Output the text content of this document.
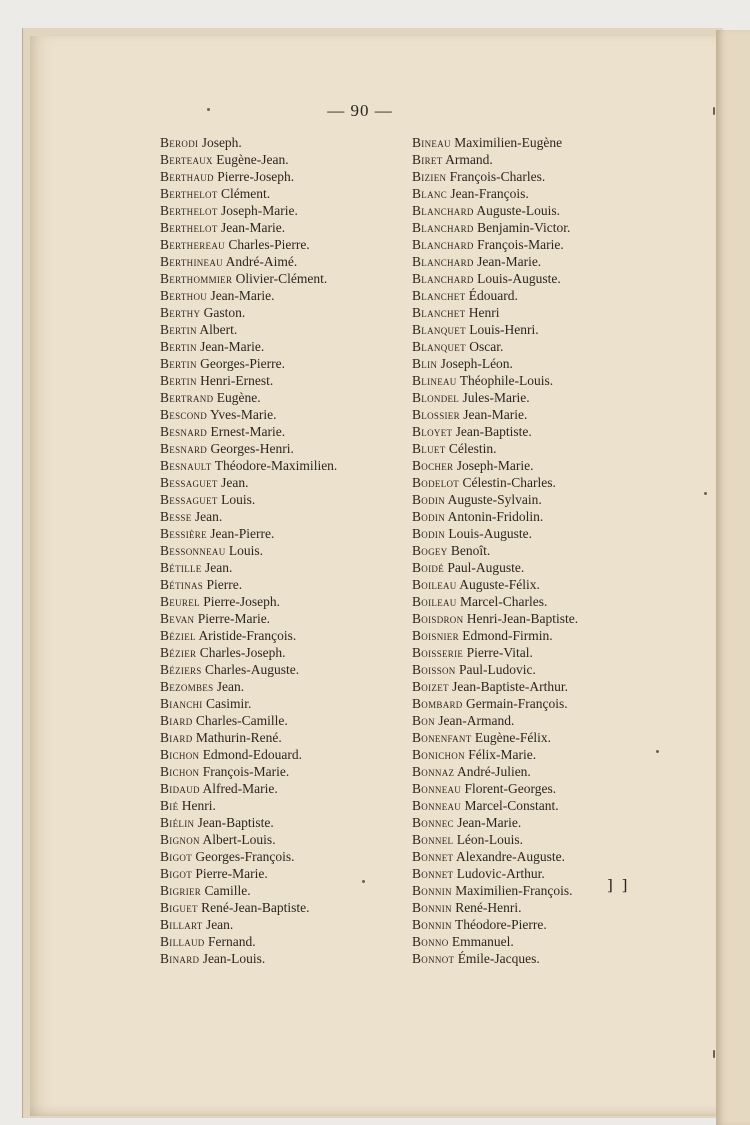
— 90 —
Berodi Joseph.
Berteaux Eugène-Jean.
Berthaud Pierre-Joseph.
Berthelot Clément.
Berthelot Joseph-Marie.
Berthelot Jean-Marie.
Berthereau Charles-Pierre.
Berthineau André-Aimé.
Berthommier Olivier-Clément.
Berthou Jean-Marie.
Berthy Gaston.
Bertin Albert.
Bertin Jean-Marie.
Bertin Georges-Pierre.
Bertin Henri-Ernest.
Bertrand Eugène.
Bescond Yves-Marie.
Besnard Ernest-Marie.
Besnard Georges-Henri.
Besnault Théodore-Maximilien.
Bessaguet Jean.
Bessaguet Louis.
Besse Jean.
Bessière Jean-Pierre.
Bessonneau Louis.
Bétille Jean.
Bétinas Pierre.
Beurel Pierre-Joseph.
Bevan Pierre-Marie.
Béziel Aristide-François.
Bézier Charles-Joseph.
Béziers Charles-Auguste.
Bezombes Jean.
Bianchi Casimir.
Biard Charles-Camille.
Biard Mathurin-René.
Bichon Edmond-Edouard.
Bichon François-Marie.
Bidaud Alfred-Marie.
Bié Henri.
Biélin Jean-Baptiste.
Bignon Albert-Louis.
Bigot Georges-François.
Bigot Pierre-Marie.
Bigrier Camille.
Biguet René-Jean-Baptiste.
Billart Jean.
Billaud Fernand.
Binard Jean-Louis.
Bineau Maximilien-Eugène
Biret Armand.
Bizien François-Charles.
Blanc Jean-François.
Blanchard Auguste-Louis.
Blanchard Benjamin-Victor.
Blanchard François-Marie.
Blanchard Jean-Marie.
Blanchard Louis-Auguste.
Blanchet Édouard.
Blanchet Henri
Blanquet Louis-Henri.
Blanquet Oscar.
Blin Joseph-Léon.
Blineau Théophile-Louis.
Blondel Jules-Marie.
Blossier Jean-Marie.
Bloyet Jean-Baptiste.
Bluet Célestin.
Bocher Joseph-Marie.
Bodelot Célestin-Charles.
Bodin Auguste-Sylvain.
Bodin Antonin-Fridolin.
Bodin Louis-Auguste.
Bogey Benoît.
Boidé Paul-Auguste.
Boileau Auguste-Félix.
Boileau Marcel-Charles.
Boisdron Henri-Jean-Baptiste.
Boisnier Edmond-Firmin.
Boisserie Pierre-Vital.
Boisson Paul-Ludovic.
Boizet Jean-Baptiste-Arthur.
Bombard Germain-François.
Bon Jean-Armand.
Bonenfant Eugène-Félix.
Bonichon Félix-Marie.
Bonnaz André-Julien.
Bonneau Florent-Georges.
Bonneau Marcel-Constant.
Bonnec Jean-Marie.
Bonnel Léon-Louis.
Bonnet Alexandre-Auguste.
Bonnet Ludovic-Arthur.
Bonnin Maximilien-François.
Bonnin René-Henri.
Bonnin Théodore-Pierre.
Bonno Emmanuel.
Bonnot Émile-Jacques.
] ]
